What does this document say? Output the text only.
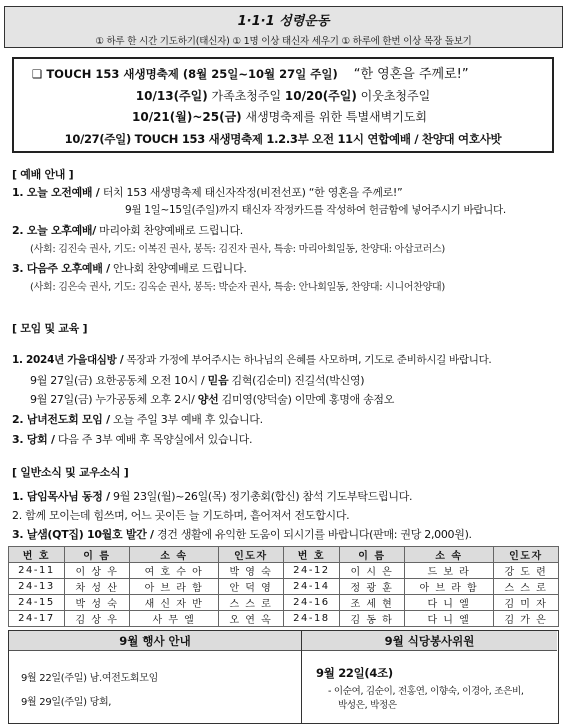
1·1·1 성령운동
① 하루 한 시간 기도하기(태신자) ① 1명 이상 태신자 세우기 ① 하루에 한번 이상 목장 돌보기
❑ TOUCH 153 새생명축제 (8월 25일~10월 27일 주일) “한 영혼을 주께로!”
10/13(주일) 가족초청주일 10/20(주일) 이웃초청주일
10/21(월)~25(금) 새생명축제를 위한 특별새벽기도회
10/27(주일) TOUCH 153 새생명축제 1.2.3부 오전 11시 연합예배 / 찬양대 여호사밧
[ 예배 안내 ]
1. 오늘 오전예배 / 터치 153 새생명축제 태신자작정(비전선포) “한 영혼을 주께로!”
9월 1일~15일(주일)까지 태신자 작정카드를 작성하여 헌금함에 넣어주시기 바랍니다.
2. 오늘 오후예배/ 마리아회 찬양예배로 드립니다.
(사회: 김진숙 권사, 기도: 이복진 권사, 봉독: 김진자 권사, 특송: 마리아회일동, 찬양대: 아삽코러스)
3. 다음주 오후예배 / 안나회 찬양예배로 드립니다.
(사회: 김은숙 권사, 기도: 김옥순 권사, 봉독: 박순자 권사, 특송: 안나회일동, 찬양대: 시니어찬양대)
[ 모임 및 교육 ]
1. 2024년 가을대심방 / 목장과 가정에 부어주시는 하나님의 은혜를 사모하며, 기도로 준비하시길 바랍니다.
9월 27일(금) 요한공동체 오전 10시 / 믿음 김혁(김순미) 진길석(박신영)
9월 27일(금) 누가공동체 오후 2시/ 양선 김미영(양덕술) 이만예 홍명애 송점오
2. 남녀전도회 모임 / 오늘 주일 3부 예배 후 있습니다.
3. 당회 / 다음 주 3부 예배 후 목양실에서 있습니다.
[ 일반소식 및 교우소식 ]
1. 담임목사님 동정 / 9월 23일(월)~26일(목) 정기총회(합신) 참석 기도부탁드립니다.
2. 함께 모이는데 힘쓰며, 어느 곳이든 늘 기도하며, 흩어져서 전도합시다.
3. 날샘(QT집) 10월호 발간 / 경건 생활에 유익한 도움이 되시기를 바랍니다(판매: 권당 2,000원).
번 호	이 름	소 속	인도자	번 호	이 름	소 속	인도자
24-11	이 상 우	여 호 수 아	박 영 숙	24-12	이 시 은	드 보 라	강 도 련
24-13	차 성 산	아 브 라 함	안 덕 영	24-14	정 광 훈	아 브 라 함	스 스 로
24-15	박 성 숙	새 신 자 반	스 스 로	24-16	조 세 현	다 니 엘	김 미 자
24-17	김 상 우	사 무 엘	오 연 옥	24-18	김 동 하	다 니 엘	김 가 은
9월 행사 안내
9월 22일(주일) 남.여전도회모임
9월 29일(주일) 당회,
9월 식당봉사위원
9월 22일(4조)
- 이순여, 김순이, 전홍연, 이향숙, 이경아, 조은비,
박성은, 박정은
